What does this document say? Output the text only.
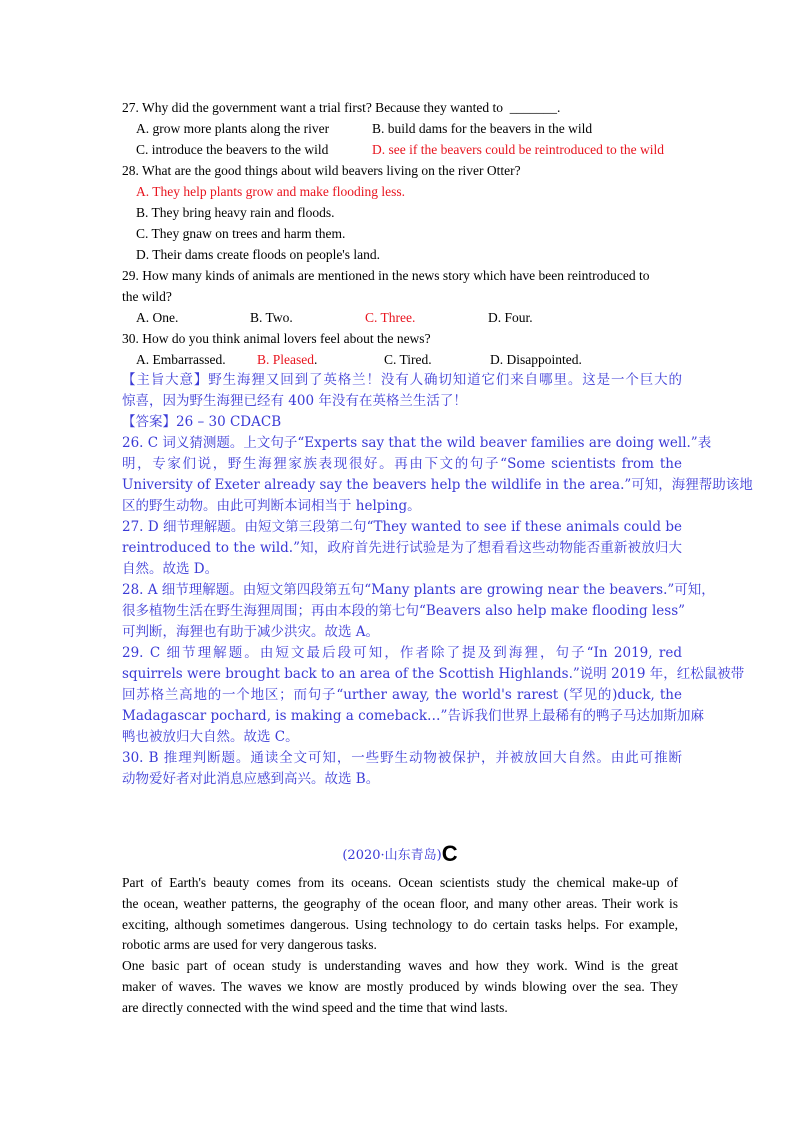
27. Why did the government want a trial first? Because they wanted to  _______.
A. grow more plants along the river	B. build dams for the beavers in the wild
C. introduce the beavers to the wild	D. see if the beavers could be reintroduced to the wild
28. What are the good things about wild beavers living on the river Otter?
A. They help plants grow and make flooding less.
B. They bring heavy rain and floods.
C. They gnaw on trees and harm them.
D. Their dams create floods on people's land.
29. How many kinds of animals are mentioned in the news story which have been reintroduced to
the wild?
A. One.	B. Two.	C. Three.	D. Four.
30. How do you think animal lovers feel about the news?
A. Embarrassed. B. Pleased.	C. Tired.	D. Disappointed.
【主旨大意】野生海狸又回到了英格兰！没有人确切知道它们来自哪里。这是一个巨大的
惊喜，因为野生海狸已经有 400 年没有在英格兰生活了！
【答案】26 – 30 CDACB
26. C 词义猜测题。上文句子“Experts say that the wild beaver families are doing well.”表
明，专家们说，野生海狸家族表现很好。再由下文的句子“Some scientists from the
University of Exeter already say the beavers help the wildlife in the area.”可知，海狸帮助该地
区的野生动物。由此可判断本词相当于 helping。
27. D 细节理解题。由短文第三段第二句“They wanted to see if these animals could be
reintroduced to the wild.”知，政府首先进行试验是为了想看看这些动物能否重新被放归大
自然。故选 D。
28. A 细节理解题。由短文第四段第五句“Many plants are growing near the beavers.”可知，
很多植物生活在野生海狸周围；再由本段的第七句“Beavers also help make flooding less”
可判断，海狸也有助于减少洪灾。故选 A。
29. C 细节理解题。由短文最后段可知，作者除了提及到海狸，句子“In 2019, red
squirrels were brought back to an area of the Scottish Highlands.”说明 2019 年，红松鼠被带
回苏格兰高地的一个地区；而句子“urther away, the world's rarest (罕见的)duck, the
Madagascar pochard, is making a comeback…”告诉我们世界上最稀有的鸭子马达加斯加麻
鸭也被放归大自然。故选 C。
30. B 推理判断题。通读全文可知，一些野生动物被保护，并被放回大自然。由此可推断
动物爱好者对此消息应感到高兴。故选 B。
(2020·山东青岛)C
Part of Earth's beauty comes from its oceans. Ocean scientists study the chemical make-up of
the ocean, weather patterns, the geography of the ocean floor, and many other areas. Their work is
exciting, although sometimes dangerous. Using technology to do certain tasks helps. For example,
robotic arms are used for very dangerous tasks.
One basic part of ocean study is understanding waves and how they work. Wind is the great
maker of waves. The waves we know are mostly produced by winds blowing over the sea. They
are directly connected with the wind speed and the time that wind lasts.
